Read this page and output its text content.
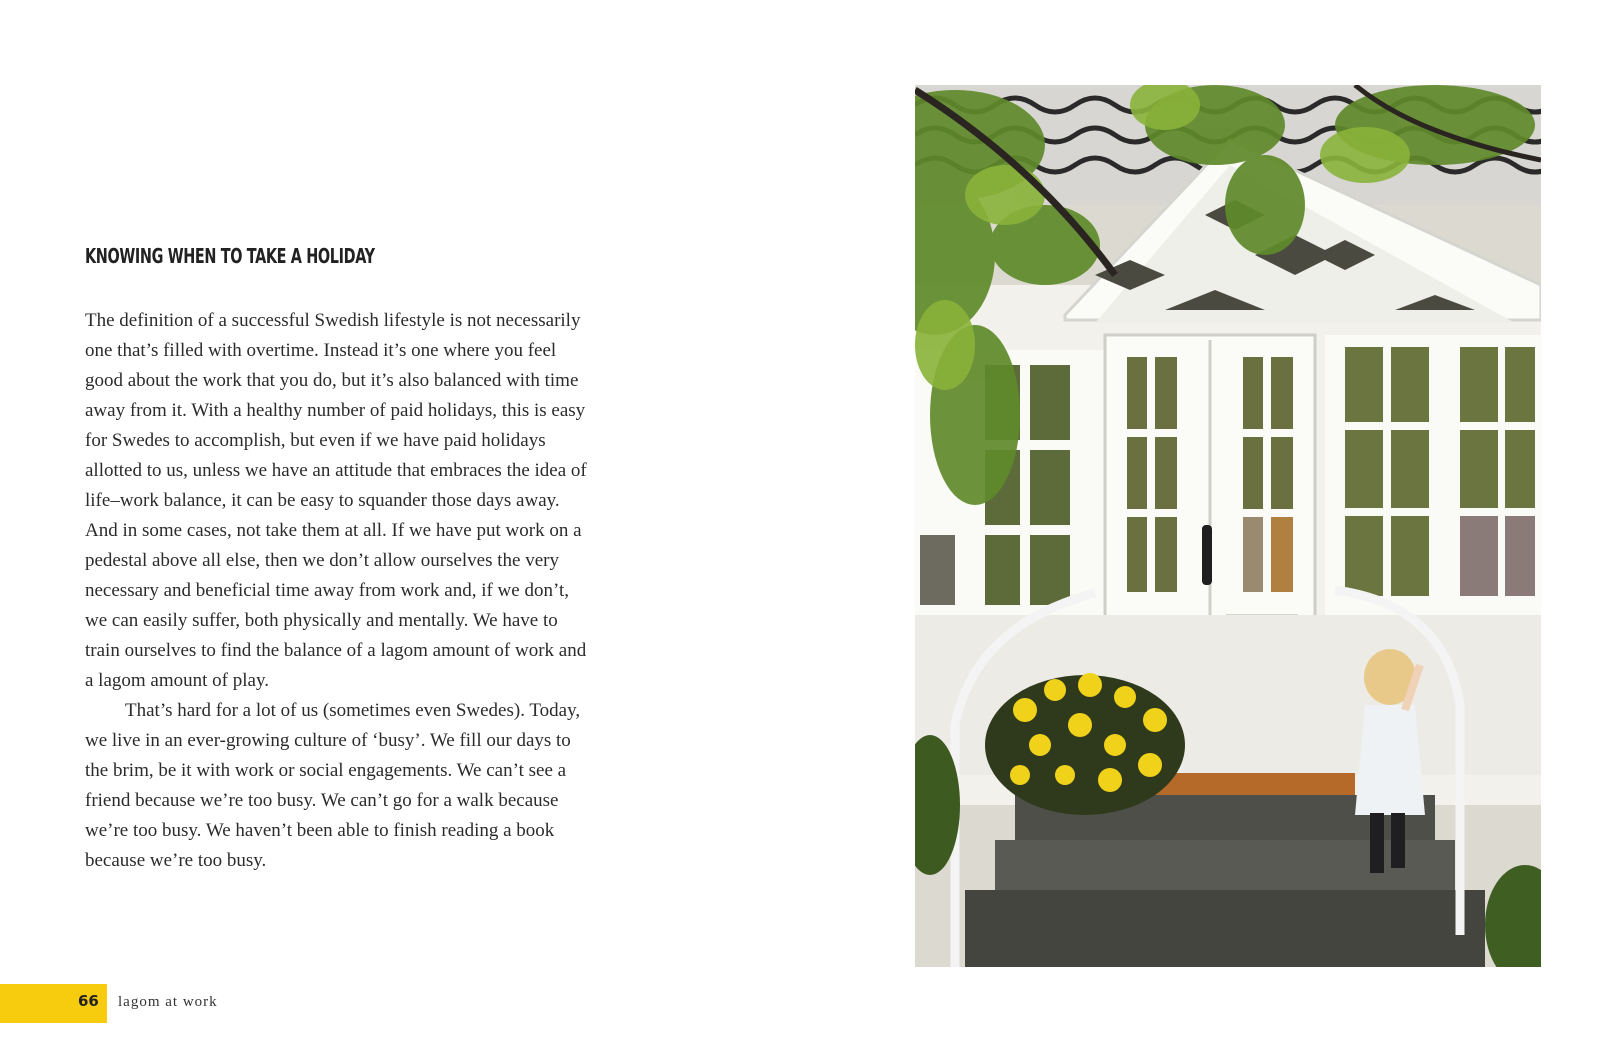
KNOWING WHEN TO TAKE A HOLIDAY

The definition of a successful Swedish lifestyle is not necessarily one that’s filled with overtime. Instead it’s one where you feel good about the work that you do, but it’s also balanced with time away from it. With a healthy number of paid holidays, this is easy for Swedes to accomplish, but even if we have paid holidays allotted to us, unless we have an attitude that embraces the idea of life–work balance, it can be easy to squander those days away. And in some cases, not take them at all. If we have put work on a pedestal above all else, then we don’t allow ourselves the very necessary and beneficial time away from work and, if we don’t, we can easily suffer, both physically and mentally. We have to train ourselves to find the balance of a lagom amount of work and a lagom amount of play.

That’s hard for a lot of us (sometimes even Swedes). Today, we live in an ever-growing culture of ‘busy’. We fill our days to the brim, be it with work or social engagements. We can’t see a friend because we’re too busy. We can’t go for a walk because we’re too busy. We haven’t been able to finish reading a book because we’re too busy.

66 lagom at work
